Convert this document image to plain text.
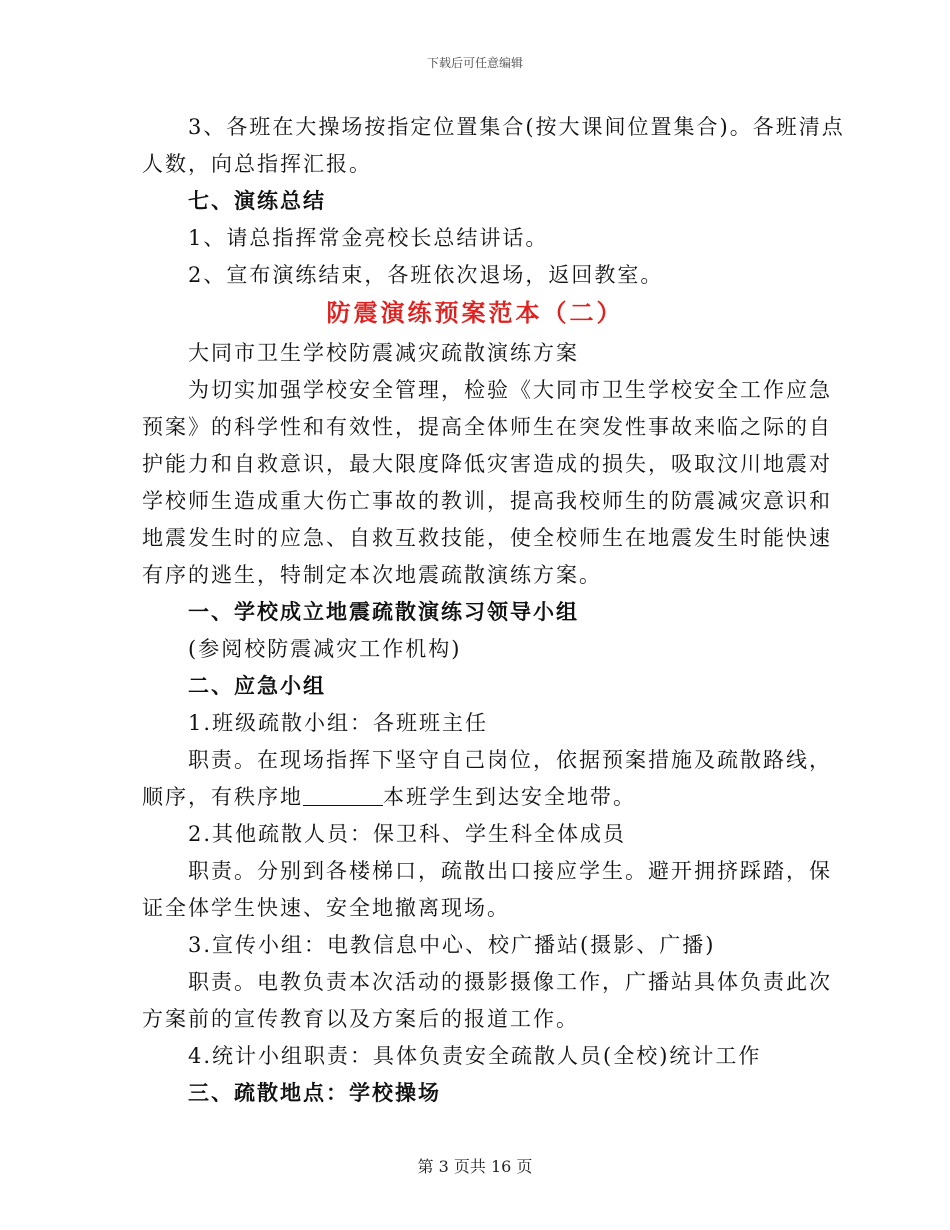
下载后可任意编辑
3、各班在大操场按指定位置集合(按大课间位置集合)。各班清点
人数，向总指挥汇报。
七、演练总结
1、请总指挥常金亮校长总结讲话。
2、宣布演练结束，各班依次退场，返回教室。
防震演练预案范本（二）
大同市卫生学校防震减灾疏散演练方案
为切实加强学校安全管理，检验《大同市卫生学校安全工作应急
预案》的科学性和有效性，提高全体师生在突发性事故来临之际的自
护能力和自救意识，最大限度降低灾害造成的损失，吸取汶川地震对
学校师生造成重大伤亡事故的教训，提高我校师生的防震减灾意识和
地震发生时的应急、自救互救技能，使全校师生在地震发生时能快速
有序的逃生，特制定本次地震疏散演练方案。
一、学校成立地震疏散演练习领导小组
(参阅校防震减灾工作机构)
二、应急小组
1.班级疏散小组：各班班主任
职责。在现场指挥下坚守自己岗位，依据预案措施及疏散路线，
顺序，有秩序地	本班学生到达安全地带。
2.其他疏散人员：保卫科、学生科全体成员
职责。分别到各楼梯口，疏散出口接应学生。避开拥挤踩踏，保
证全体学生快速、安全地撤离现场。
3.宣传小组：电教信息中心、校广播站(摄影、广播)
职责。电教负责本次活动的摄影摄像工作，广播站具体负责此次
方案前的宣传教育以及方案后的报道工作。
4.统计小组职责：具体负责安全疏散人员(全校)统计工作
三、疏散地点：学校操场
第 3 页共 16 页
